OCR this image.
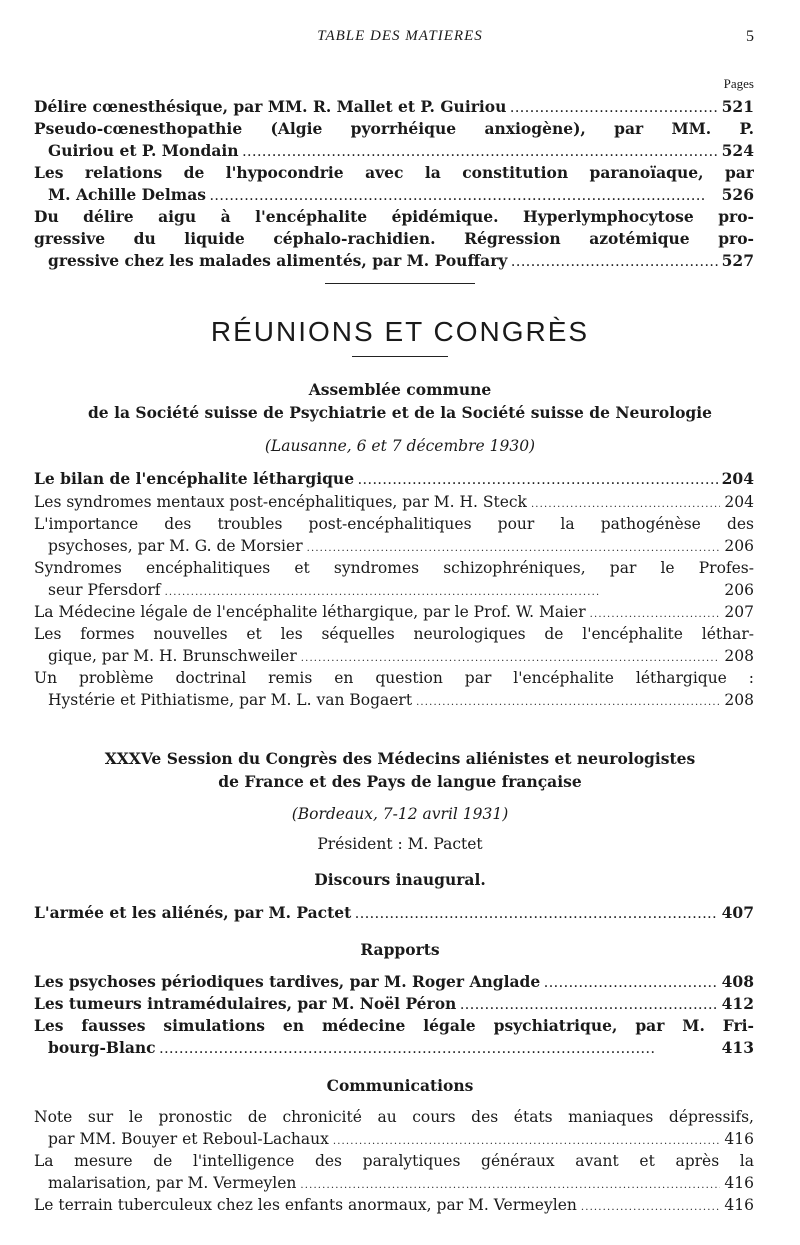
TABLE DES MATIERES	5
Pages
Délire cœnesthésique, par MM. R. Mallet et P. Guiriou . . .	521
Pseudo-cœnesthopathie (Algie pyorrhéique anxiogène), par MM. P.
Guiriou et P. Mondain . . .	524
Les relations de l'hypocondrie avec la constitution paranoïaque, par
M. Achille Delmas . . .	526
Du délire aigu à l'encéphalite épidémique. Hyperlymphocytose pro-
gressive du liquide céphalo-rachidien. Régression azotémique pro-
gressive chez les malades alimentés, par M. Pouffary . . .	527
RÉUNIONS ET CONGRÈS
Assemblée commune
de la Société suisse de Psychiatrie et de la Société suisse de Neurologie
(Lausanne, 6 et 7 décembre 1930)
Le bilan de l'encéphalite léthargique . . .	204
Les syndromes mentaux post-encéphalitiques, par M. H. Steck . . .	204
L'importance des troubles post-encéphalitiques pour la pathogénèse des
psychoses, par M. G. de Morsier . . .	206
Syndromes encéphalitiques et syndromes schizophréniques, par le Profes-
seur Pfersdorf . . .	206
La Médecine légale de l'encéphalite léthargique, par le Prof. W. Maier . . .	207
Les formes nouvelles et les séquelles neurologiques de l'encéphalite léthar-
gique, par M. H. Brunschweiler . . .	208
Un problème doctrinal remis en question par l'encéphalite léthargique :
Hystérie et Pithiatisme, par M. L. van Bogaert . . .	208
XXXVe Session du Congrès des Médecins aliénistes et neurologistes
de France et des Pays de langue française
(Bordeaux, 7-12 avril 1931)
Président : M. Pactet
Discours inaugural.
L'armée et les aliénés, par M. Pactet . . .	407
Rapports
Les psychoses périodiques tardives, par M. Roger Anglade . . .	408
Les tumeurs intramédulaires, par M. Noël Péron . . .	412
Les fausses simulations en médecine légale psychiatrique, par M. Fri-
bourg-Blanc . . .	413
Communications
Note sur le pronostic de chronicité au cours des états maniaques dépressifs,
par MM. Bouyer et Reboul-Lachaux . . .	416
La mesure de l'intelligence des paralytiques généraux avant et après la
malarisation, par M. Vermeylen . . .	416
Le terrain tuberculeux chez les enfants anormaux, par M. Vermeylen . . .	416
